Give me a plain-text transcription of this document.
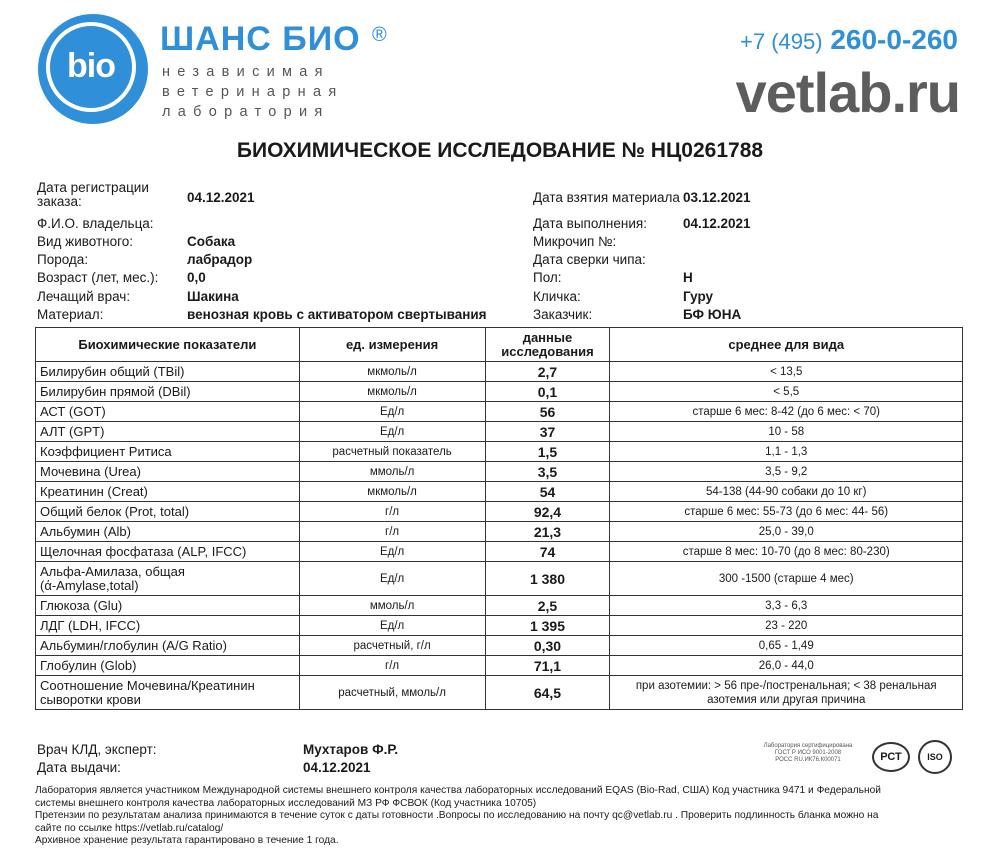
bio
ШАНС БИО ®
независимая
ветеринарная
лаборатория
+7 (495) 260-0-260
vetlab.ru
БИОХИМИЧЕСКОЕ ИССЛЕДОВАНИЕ № НЦ0261788
Дата регистрации
заказа:	04.12.2021
Ф.И.О. владельца:
Вид животного:	Собака
Порода:	лабрадор
Возраст (лет, мес.): 0,0
Лечащий врач:	Шакина
Материал:	венозная кровь с активатором свертывания
Дата взятия материала 03.12.2021
Дата выполнения:	04.12.2021
Микрочип №:
Дата сверки чипа:
Пол:	Н
Кличка:	Гуру
Заказчик:	БФ ЮНА
Биохимические показатели	ед. измерения	данные
исследования	среднее для вида
Билирубин общий (TBil)	мкмоль/л	2,7	< 13,5
Билирубин прямой (DBil)	мкмоль/л	0,1	< 5,5
АСТ (GOT)	Ед/л	56	старше 6 мес: 8-42 (до 6 мес: < 70)
АЛТ (GPT)	Ед/л	37	10 - 58
Коэффициент Ритиса	расчетный показатель	1,5	1,1 - 1,3
Мочевина (Urea)	ммоль/л	3,5	3,5 - 9,2
Креатинин (Creat)	мкмоль/л	54	54-138 (44-90 собаки до 10 кг)
Общий белок (Prot, total)	г/л	92,4	старше 6 мес: 55-73 (до 6 мес: 44- 56)
Альбумин (Alb)	г/л	21,3	25,0 - 39,0
Щелочная фосфатаза (ALP, IFCC)	Ед/л	74	старше 8 мес: 10-70 (до 8 мес: 80-230)
Альфа-Амилаза, общая
(ά-Amylase,total)	Ед/л	1 380	300 -1500 (старше 4 мес)
Глюкоза (Glu)	ммоль/л	2,5	3,3 - 6,3
ЛДГ (LDH, IFCC)	Ед/л	1 395	23 - 220
Альбумин/глобулин (A/G Ratio)	расчетный, г/л	0,30	0,65 - 1,49
Глобулин (Glob)	г/л	71,1	26,0 - 44,0
Соотношение Мочевина/Креатинин
сыворотки крови	расчетный, ммоль/л	64,5	при азотемии: > 56 пре-/постренальная; < 38 ренальная
азотемия или другая причина
Врач КЛД, эксперт:	Мухтаров Ф.Р.
Дата выдачи:	04.12.2021
Лаборатория сертифицирована
ГОСТ Р ИСО 9001-2008
РОСС RU.ИК76.К00071	РСТ	ISO
Лаборатория является участником Международной системы внешнего контроля качества лабораторных исследований EQAS (Bio-Rad, США) Код участника 9471 и Федеральной
системы внешнего контроля качества лабораторных исследований МЗ РФ ФСВОК (Код участника 10705)
Претензии по результатам анализа принимаются в течение суток с даты готовности .Вопросы по исследованию на почту qc@vetlab.ru . Проверить подлинность бланка можно на
сайте по ссылке https://vetlab.ru/catalog/
Архивное хранение результата гарантировано в течение 1 года.
